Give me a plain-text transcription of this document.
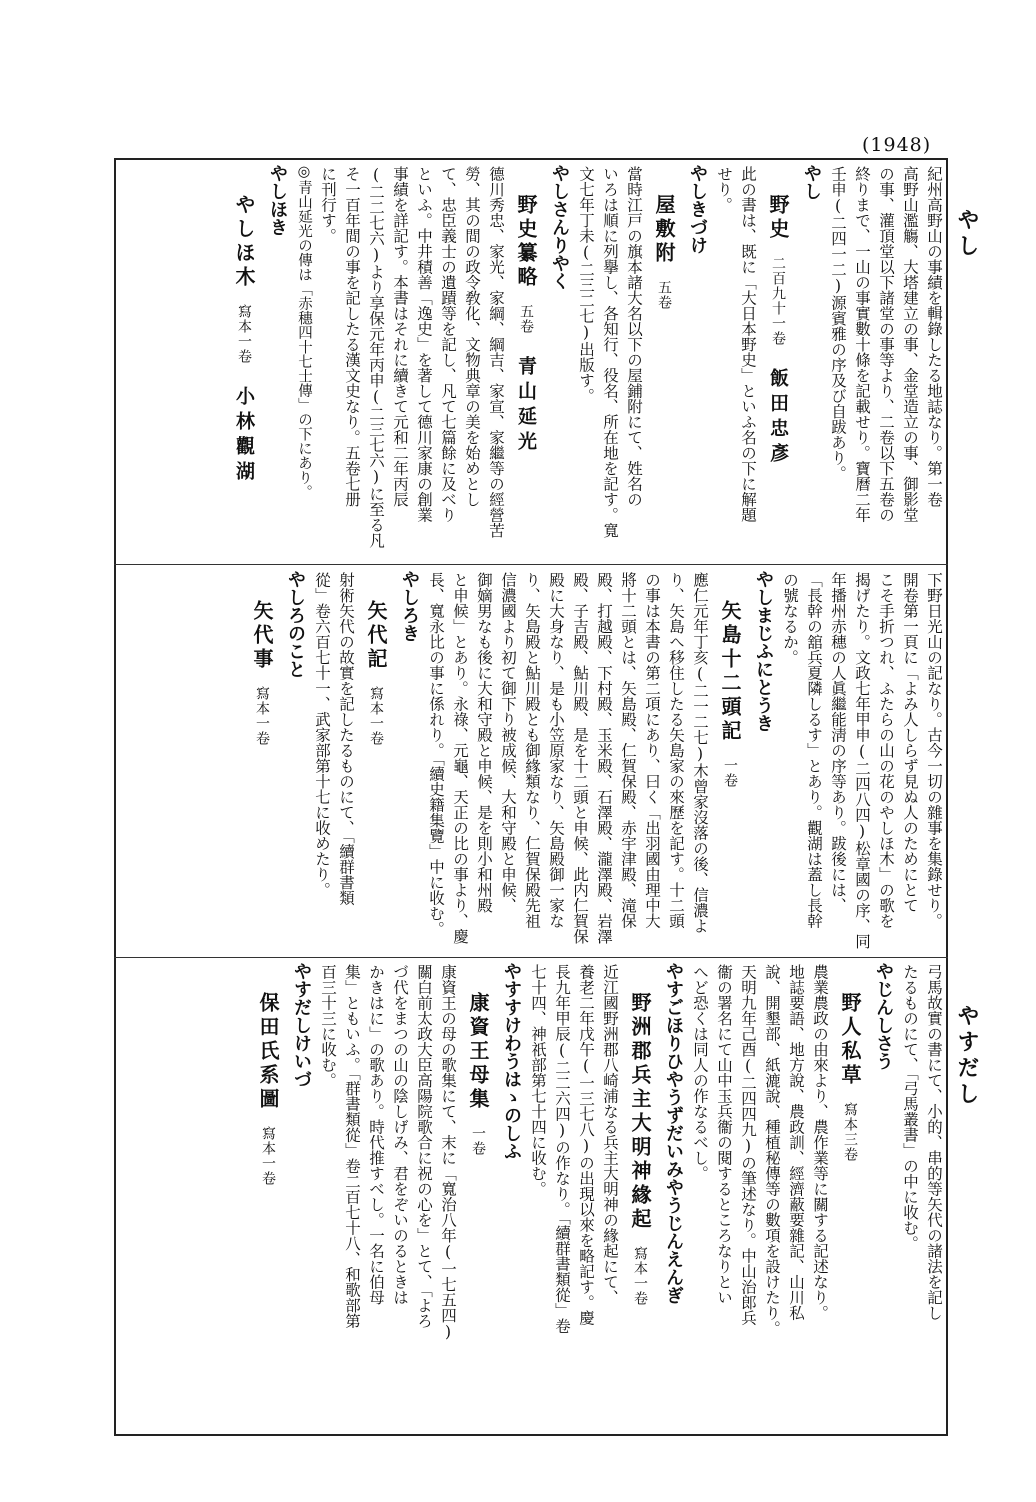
(1948)
やし
やすだし
紀州高野山の事績を輯錄したる地誌なり。第一卷
高野山濫觴、大塔建立の事、金堂造立の事、御影堂
の事、灌頂堂以下諸堂の事等より、二卷以下五卷の
終りまで、一山の事實數十條を記載せり。寶曆二年
壬申(二四一二)源賓雅の序及び自跋あり。
やし
野史二百九十一卷飯田忠彥
此の書は、既に「大日本野史」といふ名の下に解題
せり。
やしきづけ
屋敷附五卷
當時江戸の旗本諸大名以下の屋鋪附にて、姓名の
いろは順に列擧し、各知行、役名、所在地を記す。寬
文七年丁未(二三二七)出版す。
やしさんりやく
野史纂略五卷青山延光
德川秀忠、家光、家綱、綱吉、家宣、家繼等の經營苦
勞、其の間の政令敎化、文物典章の美を始めとし
て、忠臣義士の遺蹟等を記し、凡て七篇餘に及べり
といふ。中井積善「逸史」を著して德川家康の創業
事績を詳記す。本書はそれに續きて元和二年丙辰
(二二七六)より享保元年丙申(二三七六)に至る凡
そ一百年間の事を記したる漢文史なり。五卷七册
に刊行す。
◎青山延光の傳は「赤穗四十七士傳」の下にあり。
やしほき
やしほ木寫本一卷小林觀湖
下野日光山の記なり。古今一切の雜事を集錄せり。
開卷第一頁に「よみ人しらず見ぬ人のためにとて
こそ手折つれ、ふたらの山の花のやしほ木」の歌を
揭げたり。文政七年甲申(二四八四)松章國の序、同
年播州赤穗の人眞繼能淸の序等あり。跋後には、
「長幹の舘兵夏隣しるす」とあり。觀湖は蓋し長幹
の號なるか。
やしまじふにとうき
矢島十二頭記一卷
應仁元年丁亥(二一二七)木曾家沒落の後、信濃よ
り、矢島へ移住したる矢島家の來歷を記す。十二頭
の事は本書の第二項にあり、曰く「出羽國由理中大
將十二頭とは、矢島殿、仁賀保殿、赤宇津殿、滝保
殿、打越殿、下村殿、玉米殿、石澤殿、瀧澤殿、岩澤
殿、子吉殿、鮎川殿、是を十二頭と申候、此内仁賀保
殿に大身なり、是も小笠原家なり、矢島殿御一家な
り、矢島殿と鮎川殿とも御緣類なり、仁賀保殿先祖
信濃國より初て御下り被成候、大和守殿と申候、
御嫡男なも後に大和守殿と申候、是を則小和州殿
と申候」とあり。永祿、元龜、天正の比の事より、慶
長、寬永比の事に係れり。「續史籍集覽」中に收む。
やしろき
矢代記寫本一卷
射術矢代の故實を記したるものにて、「續群書類
從」卷六百七十一、武家部第十七に收めたり。
やしろのこと
矢代事寫本一卷
弓馬故實の書にて、小的、串的等矢代の諸法を記し
たるものにて、「弓馬叢書」の中に收む。
やじんしさう
野人私草寫本三卷
農業農政の由來より、農作業等に關する記述なり。
地誌要語、地方說、農政訓、經濟蔽要雜記、山川私
說、開墾部、紙漉說、種植秘傳等の數項を設けたり。
天明九年己酉(二四四九)の筆述なり。中山治郎兵
衞の署名にて山中玉兵衞の閱するところなりとい
へど恐くは同人の作なるべし。
やすごほりひやうずだいみやうじんえんぎ
野洲郡兵主大明神緣起寫本一卷
近江國野洲郡八崎浦なる兵主大明神の緣起にて、
養老二年戊午(一三七八)の出現以來を略記す。慶
長九年甲辰(二二六四)の作なり。「續群書類從」卷
七十四、神祇部第七十四に收む。
やすすけわうはゝのしふ
康資王母集一卷
康資王の母の歌集にて、末に「寬治八年(一七五四)
關白前太政大臣高陽院歌合に祝の心を」とて、「よろ
づ代をまつの山の陰しげみ、君をぞいのるときは
かきはに」の歌あり。時代推すべし。一名に伯母
集」ともいふ。「群書類從」卷二百七十八、和歌部第
百三十三に收む。
やすだしけいづ
保田氏系圖寫本一卷
